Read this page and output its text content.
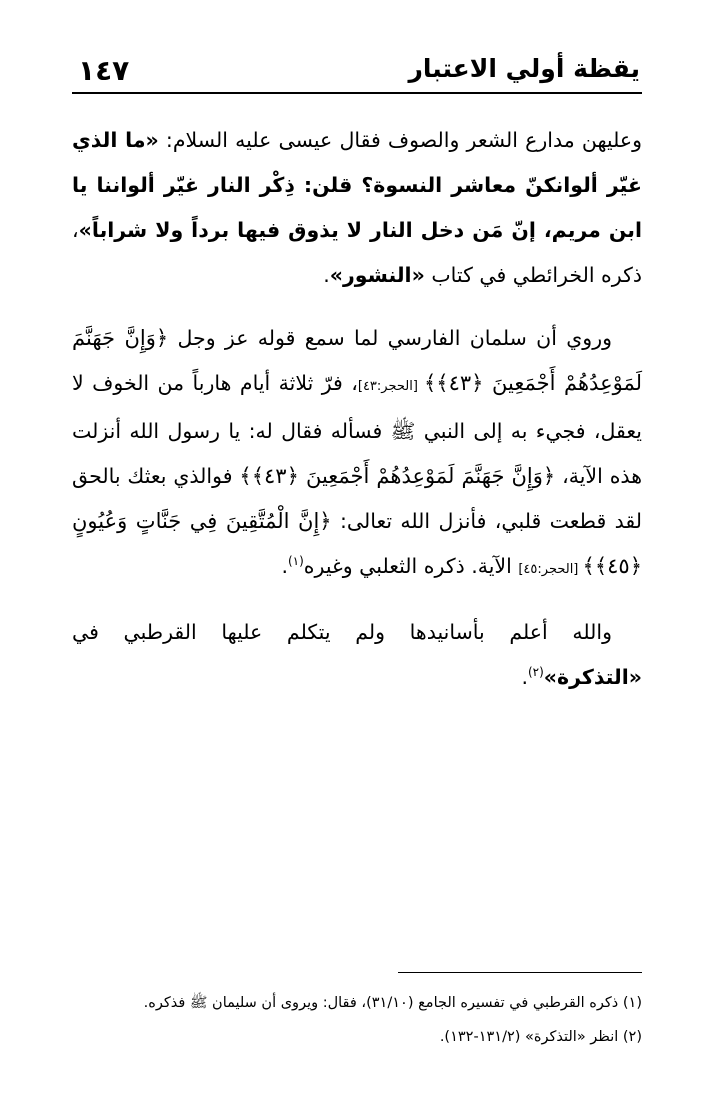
١٤٧	يقظة أولي الاعتبار

وعليهن مدارع الشعر والصوف فقال عيسى عليه السلام: «ما الذي غيّر ألوانكنّ معاشر النسوة؟ قلن: ذِكْر النار غيّر ألواننا يا ابن مريم، إنّ مَن دخل النار لا يذوق فيها برداً ولا شراباً»، ذكره الخرائطي في كتاب «النشور».

وروي أن سلمان الفارسي لما سمع قوله عز وجل ﴿وَإِنَّ جَهَنَّمَ لَمَوْعِدُهُمْ أَجْمَعِينَ ﴿٤٣﴾﴾ [الحجر:٤٣]، فرّ ثلاثة أيام هارباً من الخوف لا يعقل، فجيء به إلى النبي ﷺ فسأله فقال له: يا رسول الله أنزلت هذه الآية، ﴿وَإِنَّ جَهَنَّمَ لَمَوْعِدُهُمْ أَجْمَعِينَ ﴿٤٣﴾﴾ فوالذي بعثك بالحق لقد قطعت قلبي، فأنزل الله تعالى: ﴿إِنَّ الْمُتَّقِينَ فِي جَنَّاتٍ وَعُيُونٍ ﴿٤٥﴾﴾ [الحجر:٤٥] الآية. ذكره الثعلبي وغيره$^{(١)}$.

والله أعلم بأسانيدها ولم يتكلم عليها القرطبي في «التذكرة»$^{(٢)}$.

(١) ذكره القرطبي في تفسيره الجامع (٣١/١٠)، فقال: ويروى أن سليمان ﷺ فذكره.

(٢) انظر «التذكرة» (١٣١/٢-١٣٢).
